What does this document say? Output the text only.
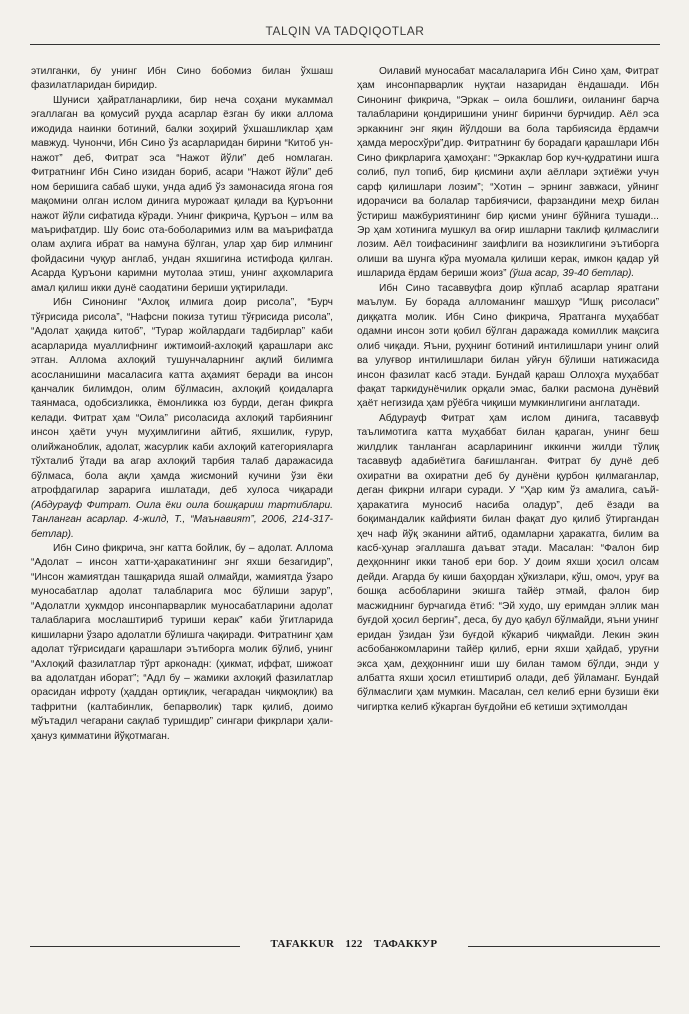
TALQIN VA TADQIQOTLAR

этилганки, бу унинг Ибн Сино бобомиз билан ўхшаш фазилатларидан биридир.

Шуниси ҳайратланарлики, бир неча соҳани мукаммал эгаллаган ва қомусий руҳда асарлар ёзган бу икки аллома ижодида наинки ботиний, балки зоҳирий ўхшашликлар ҳам мавжуд. Чунончи, Ибн Сино ўз асарларидан бирини “Китоб ун-нажот” деб, Фитрат эса “Нажот йўли” деб номлаган. Фитратнинг Ибн Сино изидан бориб, асари “Нажот йўли” деб ном беришига сабаб шуки, унда адиб ўз замонасида ягона гоя мақомини олган ислом динига мурожаат қилади ва Қуръонни нажот йўли сифатида кўради. Унинг фикрича, Қуръон – илм ва маърифатдир. Шу боис ота-боболаримиз илм ва маърифатда олам аҳлига ибрат ва намуна бўлган, улар ҳар бир илмнинг фойдасини чуқур англаб, ундан яхшигина истифода қилган. Асарда Қуръони каримни мутолаа этиш, унинг аҳкомларига амал қилиш икки дунё саодатини бериши уқтирилади.

Ибн Синонинг “Ахлоқ илмига доир рисола”, “Бурч тўғрисида рисола”, “Нафсни покиза тутиш тўғрисида рисола”, “Адолат ҳақида китоб”, “Турар жойлардаги тадбирлар” каби асарларида муаллифнинг ижтимоий-ахлоқий қарашлари акс этган. Аллома ахлоқий тушунчаларнинг ақлий билимга асосланишини масаласига катта аҳамият беради ва инсон қанчалик билимдон, олим бўлмасин, ахлоқий қоидаларга таянмаса, одобсизликка, ёмонликка юз бурди, деган фикрга келади. Фитрат ҳам “Оила” рисоласида ахлоқий тарбиянинг инсон ҳаёти учун муҳимлигини айтиб, яхшилик, ғурур, олийжаноблик, адолат, жасурлик каби ахлоқий категорияларга тўхталиб ўтади ва агар ахлоқий тарбия талаб даражасида бўлмаса, бола ақли ҳамда жисмоний кучини ўзи ёки атрофдагилар зарарига ишлатади, деб хулоса чиқаради (Абдурауф Фитрат. Оила ёки оила бошқариш тартиблари. Танланган асарлар. 4-жилд, Т., “Маънавият”, 2006, 214-317-бетлар).

Ибн Сино фикрича, энг катта бойлик, бу – адолат. Аллома “Адолат – инсон хатти-ҳаракатининг энг яхши безагидир”, “Инсон жамиятдан ташқарида яшай олмайди, жамиятда ўзаро муносабатлар адолат талабларига мос бўлиши зарур”, “Адолатли ҳукмдор инсонпарварлик муносабатларини адолат талабларига мослаштириб туриши керак” каби ўгитларида кишиларни ўзаро адолатли бўлишга чақиради. Фитратнинг ҳам адолат тўғрисидаги қарашлари эътиборга молик бўлиб, унинг “Ахлоқий фазилатлар тўрт арконадн: (ҳикмат, иффат, шижоат ва адолатдан иборат”; “Адл бу – жамики ахлоқий фазилатлар орасидан ифроту (ҳаддан ортиқлик, чегарадан чиқмоқлик) ва тафритни (калтабинлик, бепарволик) тарк қилиб, доимо мўътадил чегарани сақлаб туришдир” сингари фикрлари ҳали-ҳануз қимматини йўқотмаган.

Оилавий муносабат масалаларига Ибн Сино ҳам, Фитрат ҳам инсонпарварлик нуқтаи назаридан ёндашади. Ибн Синонинг фикрича, “Эркак – оила бошлиғи, оиланинг барча талабларини қондиришини унинг биринчи бурчидир. Аёл эса эркакнинг энг яқин йўлдоши ва бола тарбиясида ёрдамчи ҳамда меросхўри”дир. Фитратнинг бу борадаги қарашлари Ибн Сино фикрларига ҳамоҳанг: “Эркаклар бор куч-қудратини ишга солиб, пул топиб, бир қисмини аҳли аёллари эҳтиёжи учун сарф қилишлари лозим”; “Хотин – эрнинг завжаси, уйнинг идорачиси ва болалар тарбиячиси, фарзандини меҳр билан ўстириш мажбуриятининг бир қисми унинг бўйнига тушади... Эр ҳам хотинига мушкул ва оғир ишларни таклиф қилмаслиги лозим. Аёл тоифасининг заифлиги ва нозиклигини эътиборга олиши ва шунга кўра муомала қилиши керак, имкон қадар уй ишларида ёрдам бериши жоиз” (ўша асар, 39-40 бетлар).

Ибн Сино тасаввуфга доир кўплаб асарлар яратгани маълум. Бу борада алломанинг машҳур “Ишқ рисоласи” диққатга молик. Ибн Сино фикрича, Яратганга муҳаббат одамни инсон зоти қобил бўлган даражада комиллик мақсига олиб чиқади. Яъни, руҳнинг ботиний интилишлари унинг олий ва улуғвор интилишлари билан уйғун бўлиши натижасида инсон фазилат касб этади. Бундай қараш Оллоҳга муҳаббат фақат таркидунёчилик орқали эмас, балки расмона дунёвий ҳаёт негизида ҳам рўёбга чиқиши мумкинлигини англатади.

Абдурауф Фитрат ҳам ислом динига, тасаввуф таълимотига катта муҳаббат билан қараган, унинг беш жилдлик танланган асарларининг иккинчи жилди тўлиқ тасаввуф адабиётига бағишланган. Фитрат бу дунё деб охиратни ва охиратни деб бу дунёни қурбон қилмаганлар, деган фикрни илгари суради. У “Ҳар ким ўз амалига, саъй-ҳаракатига муносиб насиба оладур”, деб ёзади ва боқимандалик кайфияти билан фақат дуо қилиб ўтиргандан ҳеч наф йўқ эканини айтиб, одамларни ҳаракатга, билим ва касб-ҳунар эгаллашга даъват этади. Масалан: “Фалон бир деҳқоннинг икки таноб ери бор. У доим яхши ҳосил олсам дейди. Агарда бу киши баҳордан ҳўкизлари, кўш, омоч, уруғ ва бошқа асбобларини экишга тайёр этмай, фалон бир масжиднинг бурчагида ётиб: “Эй худо, шу еримдан эллик ман буғдой ҳосил бергин”, деса, бу дуо қабул бўлмайди, яъни унинг еридан ўзидан ўзи буғдой кўкариб чиқмайди. Лекин экин асбобанжомларини тайёр қилиб, ерни яхши ҳайдаб, уруғни экса ҳам, деҳқоннинг иши шу билан тамом бўлди, энди у албатта яхши ҳосил етиштириб олади, деб ўйламанг. Бундай бўлмаслиги ҳам мумкин. Масалан, сел келиб ерни бузиши ёки чигиртка келиб кўкарган буғдойни еб кетиши эҳтимолдан

TAFAKKUR 122 ТАФАККУР
